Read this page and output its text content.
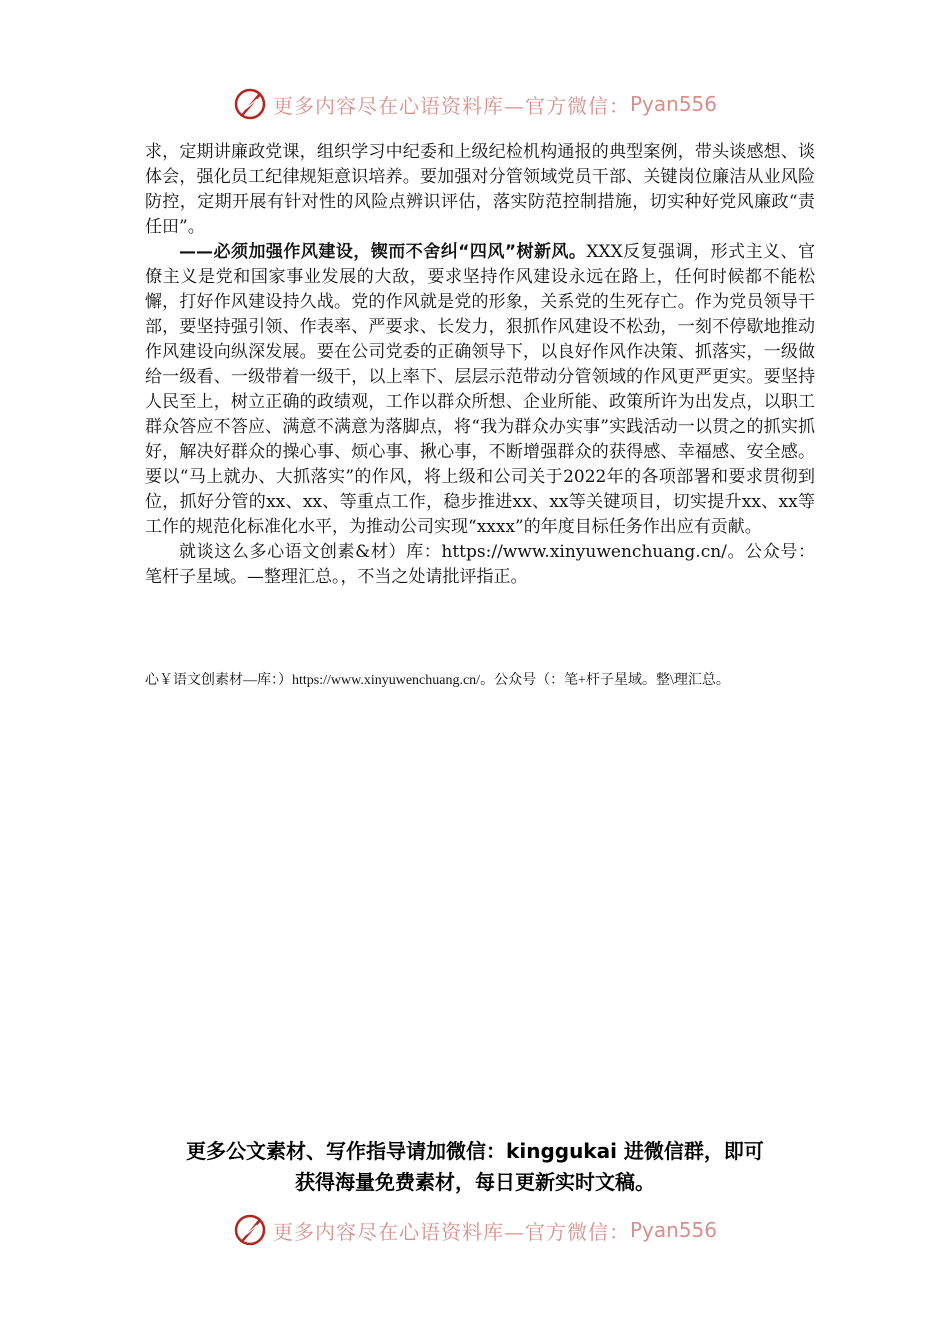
更多内容尽在心语资料库—官方微信： Pyan556

求，定期讲廉政党课，组织学习中纪委和上级纪检机构通报的典型案例，带头谈感想、谈体会，强化员工纪律规矩意识培养。要加强对分管领域党员干部、关键岗位廉洁从业风险防控，定期开展有针对性的风险点辨识评估，落实防范控制措施，切实种好党风廉政“责任田”。

——必须加强作风建设，锲而不舍纠“四风”树新风。XXX反复强调，形式主义、官僚主义是党和国家事业发展的大敌，要求坚持作风建设永远在路上，任何时候都不能松懈，打好作风建设持久战。党的作风就是党的形象，关系党的生死存亡。作为党员领导干部，要坚持强引领、作表率、严要求、长发力，狠抓作风建设不松劲，一刻不停歇地推动作风建设向纵深发展。要在公司党委的正确领导下，以良好作风作决策、抓落实，一级做给一级看、一级带着一级干，以上率下、层层示范带动分管领域的作风更严更实。要坚持人民至上，树立正确的政绩观，工作以群众所想、企业所能、政策所许为出发点，以职工群众答应不答应、满意不满意为落脚点，将“我为群众办实事”实践活动一以贯之的抓实抓好，解决好群众的操心事、烦心事、揪心事，不断增强群众的获得感、幸福感、安全感。要以“马上就办、大抓落实”的作风，将上级和公司关于2022年的各项部署和要求贯彻到位，抓好分管的xx、xx、等重点工作，稳步推进xx、xx等关键项目，切实提升xx、xx等工作的规范化标准化水平，为推动公司实现“xxxx”的年度目标任务作出应有贡献。

就谈这么多心语文创素&材）库：https://www.xinyuwenchuang.cn/。公众号：笔杆子星域。—整理汇总。，不当之处请批评指正。

心￥语文创素材—库：）https://www.xinyuwenchuang.cn/。公众号（：笔+杆子星域。整\理汇总。
更多公文素材、写作指导请加微信：kinggukai 进微信群，即可
获得海量免费素材，每日更新实时文稿。
更多内容尽在心语资料库—官方微信： Pyan556
